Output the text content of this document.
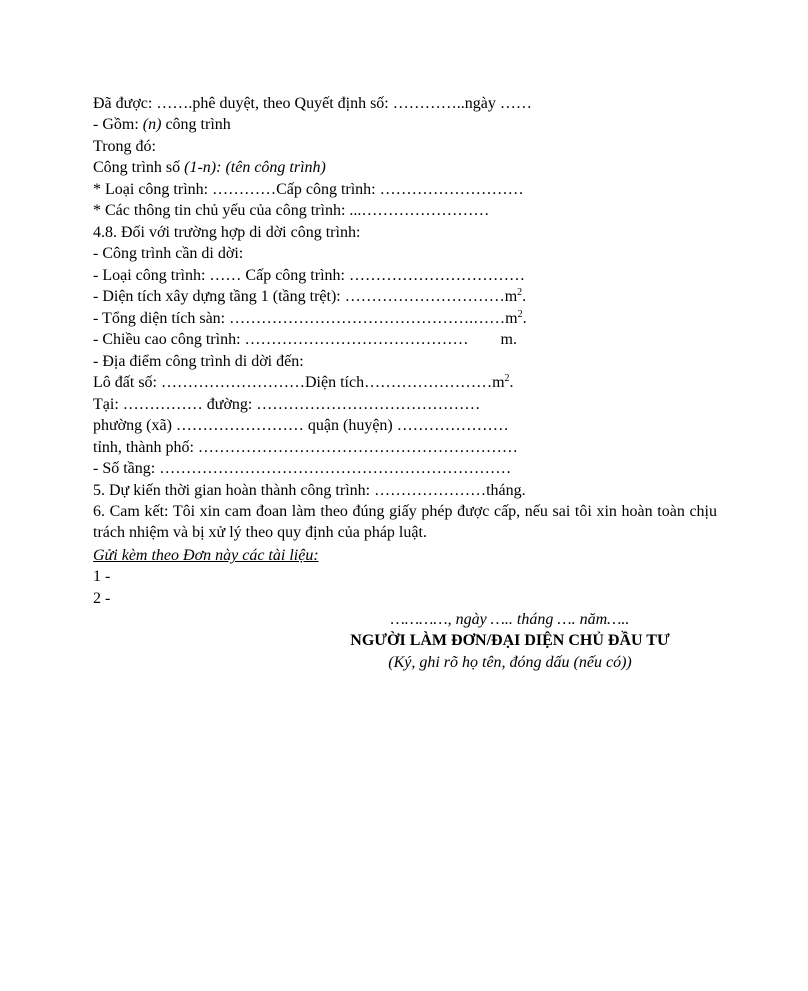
Đã được: …….phê duyệt, theo Quyết định số: …………..ngày ……
- Gồm: (n) công trình
Trong đó:
Công trình số (1-n): (tên công trình)
* Loại công trình: …………Cấp công trình: ………………………
* Các thông tin chủ yếu của công trình: ...……………………
4.8. Đối với trường hợp di dời công trình:
- Công trình cần di dời:
- Loại công trình: …… Cấp công trình: ……………………………
- Diện tích xây dựng tầng 1 (tầng trệt): $\dots\dots\dots\dots\dots\dots\dots\dots\dots\dots m^2$.
- Tổng diện tích sàn: $\dots\dots\dots\dots\dots\dots\dots\dots\dots\dots\dots\dots\dots\dots\dots.\dots\dots m^2$.
- Chiều cao công trình: ……………………………………        m.
- Địa điểm công trình di dời đến:
Lô đất số: ………………………Diện $tích\dots\dots\dots\dots\dots\dots\dots\dots m^2$.
Tại: …………… đường: ……………………………………
phường (xã) …………………… quận (huyện) …………………
tỉnh, thành phố: ……………………………………………………
- Số tầng: …………………………………………………………
5. Dự kiến thời gian hoàn thành công trình: …………………tháng.
6. Cam kết: Tôi xin cam đoan làm theo đúng giấy phép được cấp, nếu sai tôi xin hoàn toàn chịu trách nhiệm và bị xử lý theo quy định của pháp luật.
Gửi kèm theo Đơn này các tài liệu:
1 -
2 -
…………, ngày ….. tháng …. năm…..
NGƯỜI LÀM ĐƠN/ĐẠI DIỆN CHỦ ĐẦU TƯ
(Ký, ghi rõ họ tên, đóng dấu (nếu có))
